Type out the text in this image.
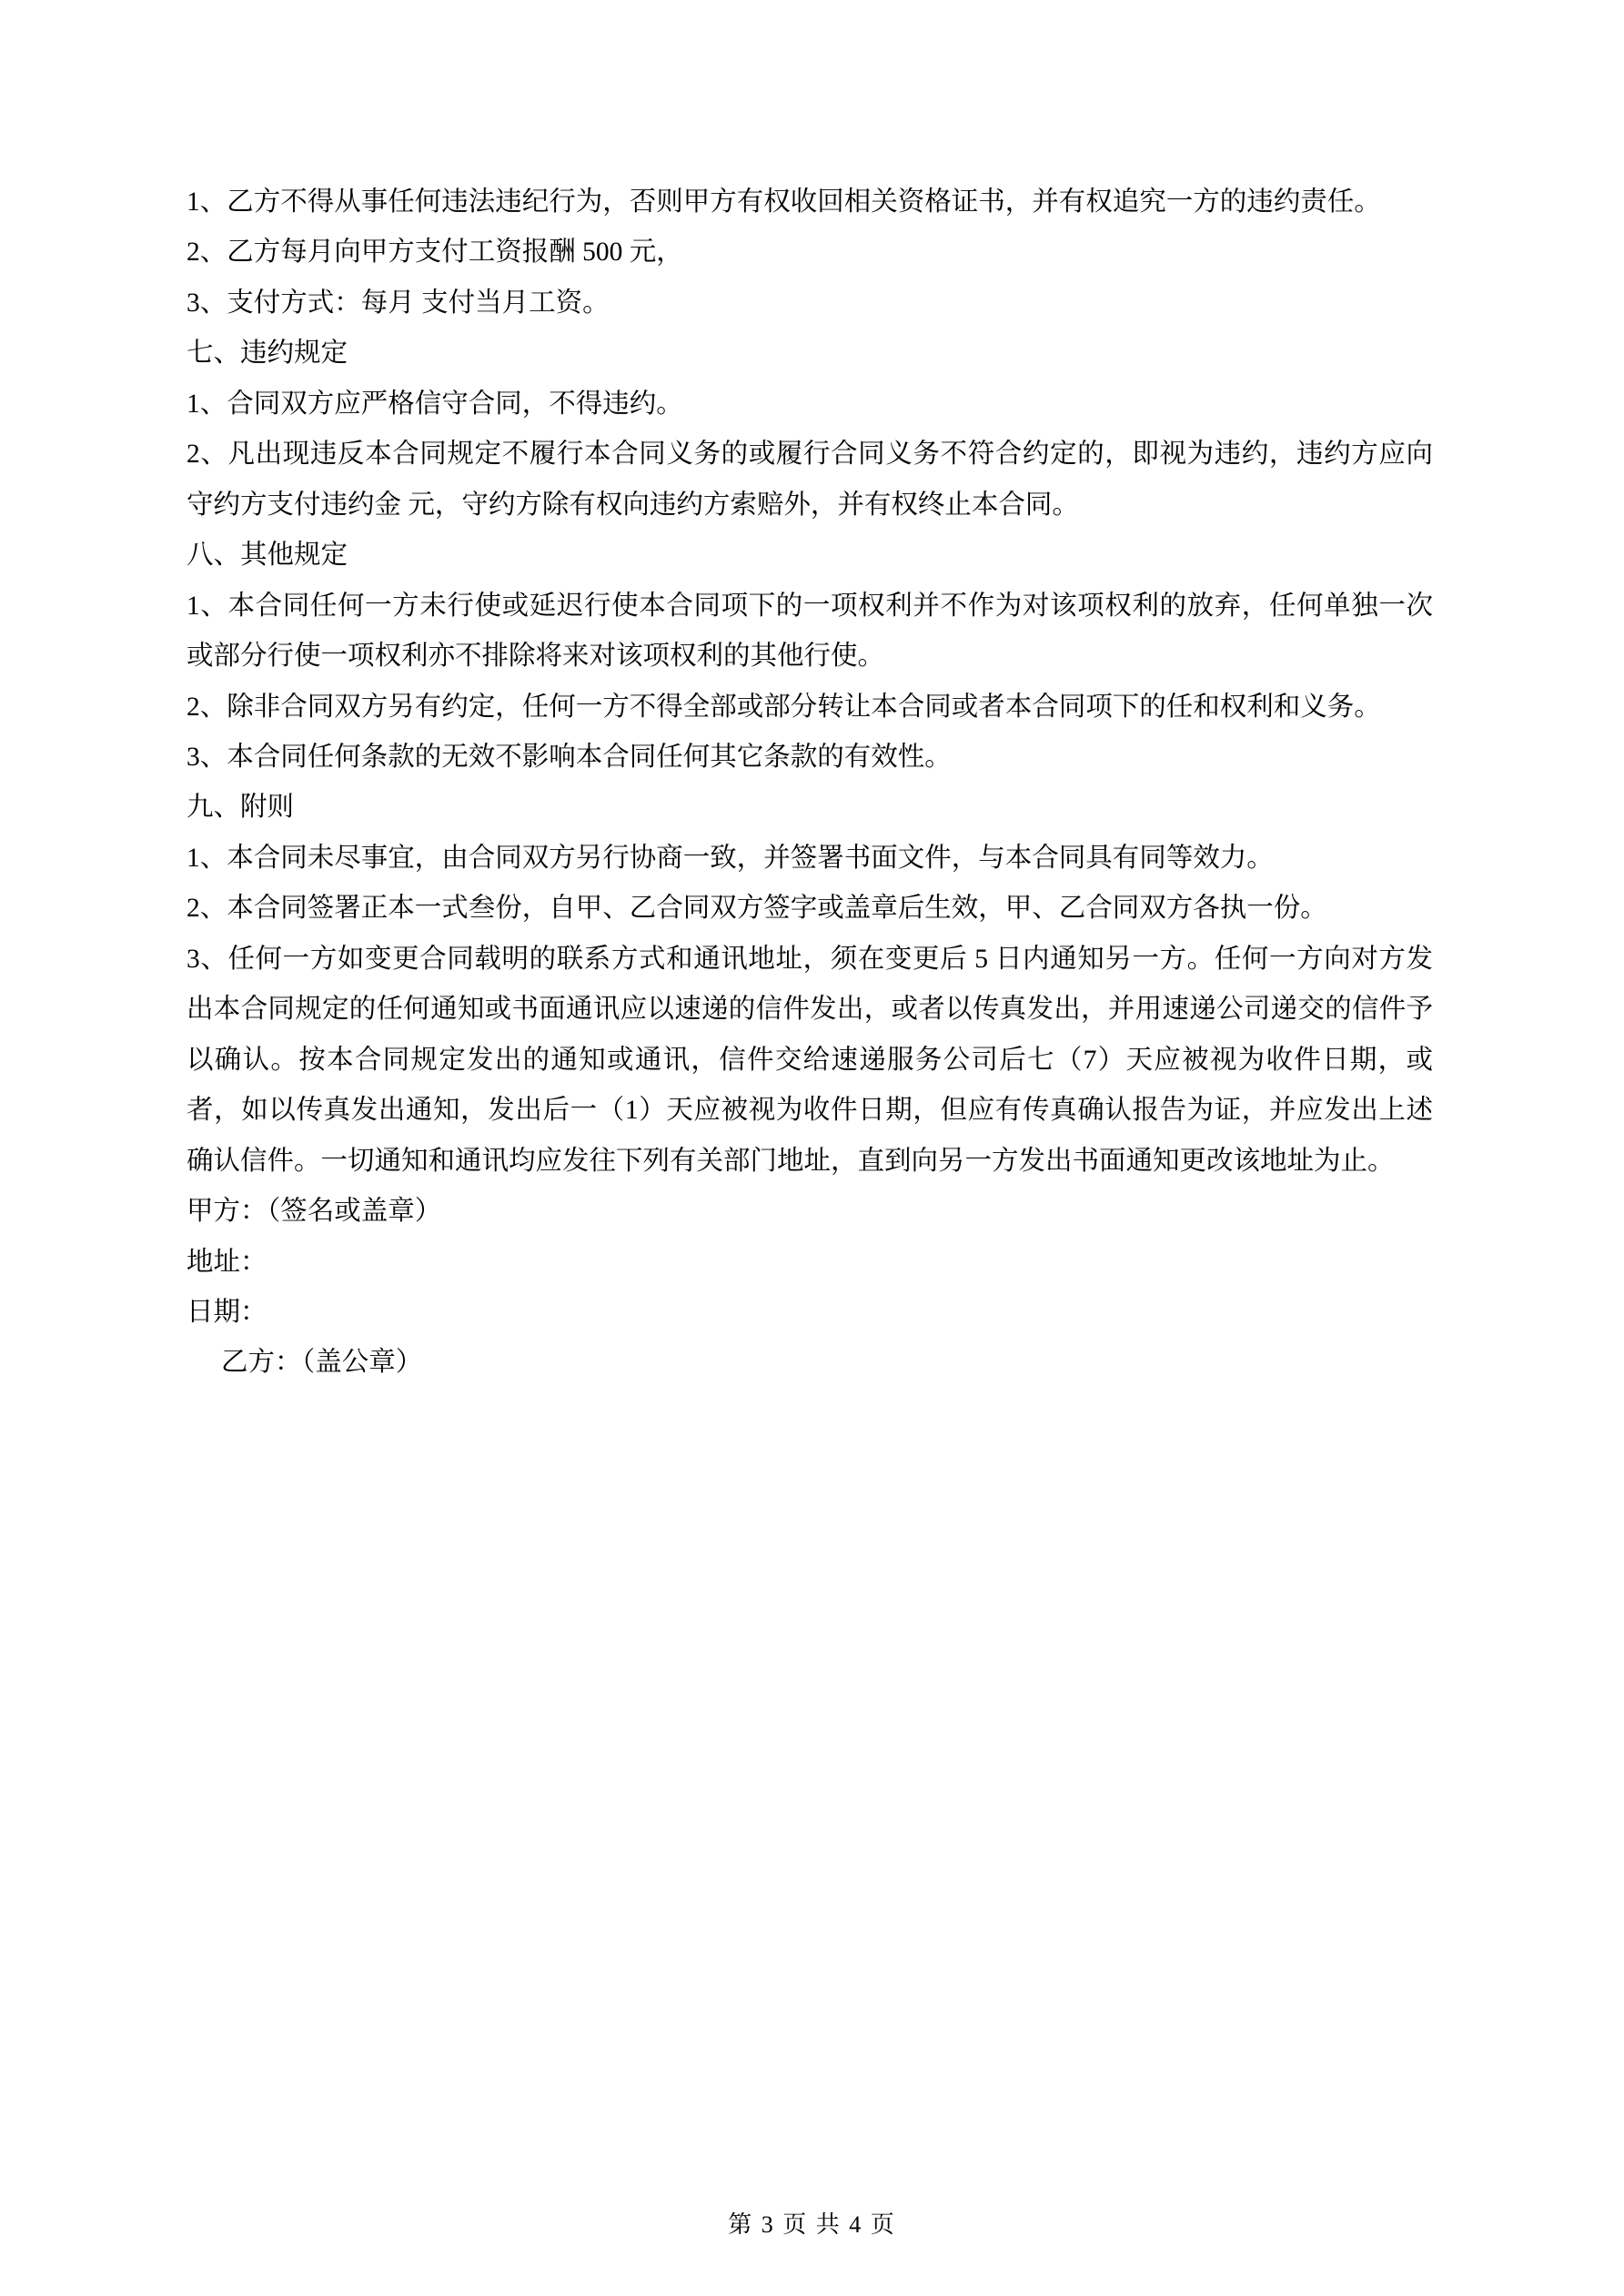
1、乙方不得从事任何违法违纪行为，否则甲方有权收回相关资格证书，并有权追究一方的违约责任。

2、乙方每月向甲方支付工资报酬 500 元，

3、支付方式：每月 支付当月工资。

七、违约规定

1、合同双方应严格信守合同，不得违约。

2、凡出现违反本合同规定不履行本合同义务的或履行合同义务不符合约定的，即视为违约，违约方应向守约方支付违约金 元，守约方除有权向违约方索赔外，并有权终止本合同。

八、其他规定

1、本合同任何一方未行使或延迟行使本合同项下的一项权利并不作为对该项权利的放弃，任何单独一次或部分行使一项权利亦不排除将来对该项权利的其他行使。

2、除非合同双方另有约定，任何一方不得全部或部分转让本合同或者本合同项下的任和权利和义务。

3、本合同任何条款的无效不影响本合同任何其它条款的有效性。

九、附则

1、本合同未尽事宜，由合同双方另行协商一致，并签署书面文件，与本合同具有同等效力。

2、本合同签署正本一式叁份，自甲、乙合同双方签字或盖章后生效，甲、乙合同双方各执一份。

3、任何一方如变更合同载明的联系方式和通讯地址，须在变更后 5 日内通知另一方。任何一方向对方发出本合同规定的任何通知或书面通讯应以速递的信件发出，或者以传真发出，并用速递公司递交的信件予以确认。按本合同规定发出的通知或通讯，信件交给速递服务公司后七（7）天应被视为收件日期，或者，如以传真发出通知，发出后一（1）天应被视为收件日期，但应有传真确认报告为证，并应发出上述确认信件。一切通知和通讯均应发往下列有关部门地址，直到向另一方发出书面通知更改该地址为止。

甲方：（签名或盖章）

地址：

日期：

乙方：（盖公章）

第 3 页 共 4 页
